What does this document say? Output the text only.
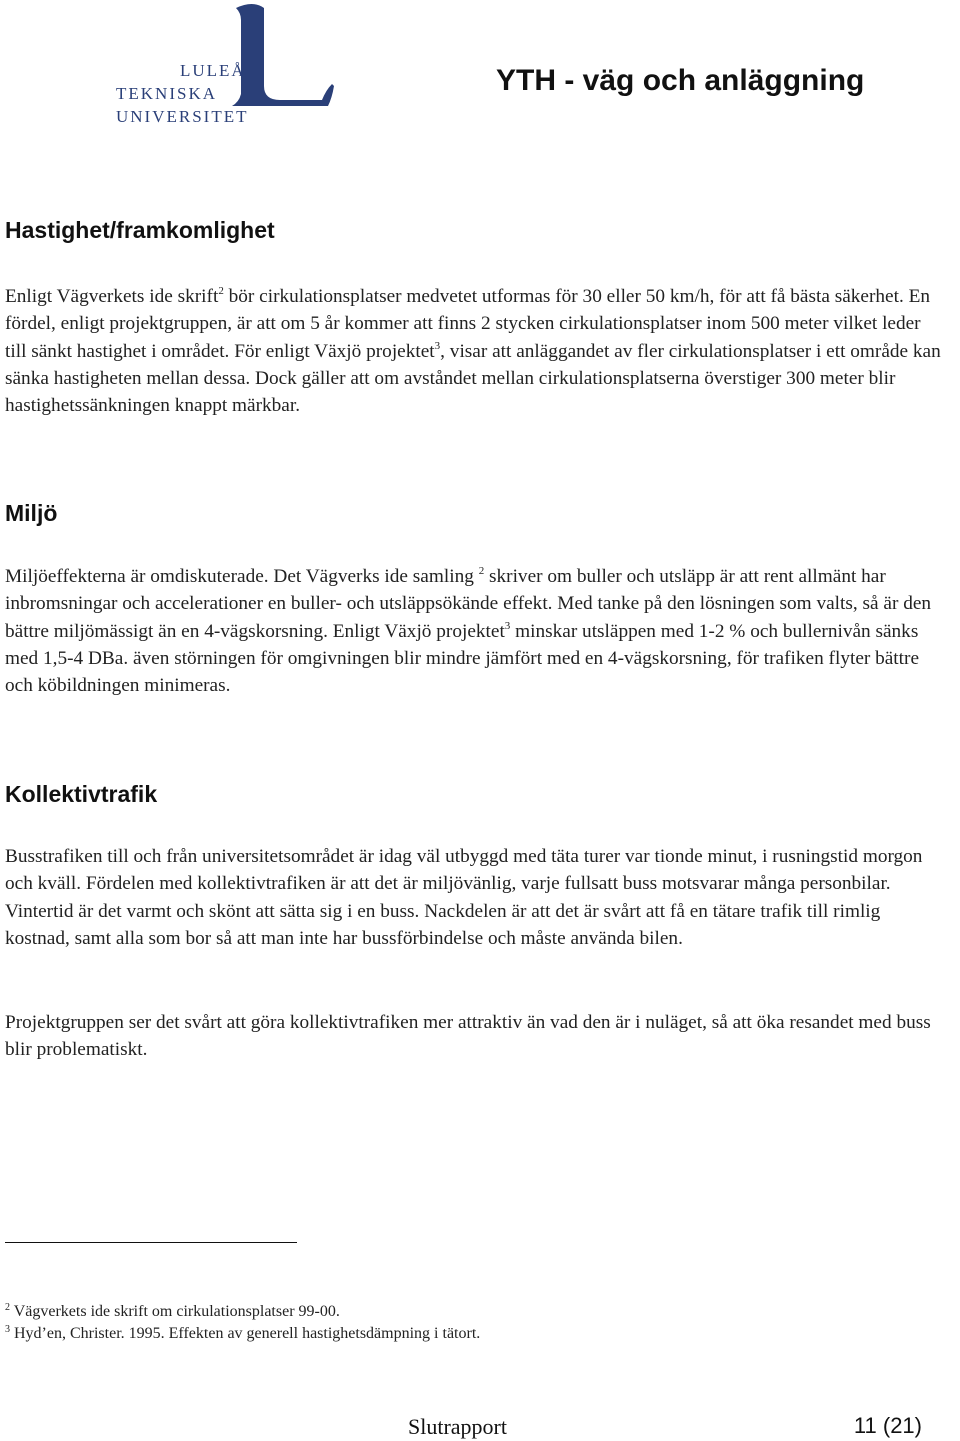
LULEÅ
TEKNISKA
UNIVERSITET
YTH - väg och anläggning
Hastighet/framkomlighet

Enligt Vägverkets ide skrift$^2$ bör cirkulationsplatser medvetet utformas för 30 eller 50 km/h, för att få bästa säkerhet. En fördel, enligt projektgruppen, är att om 5 år kommer att finns 2 stycken cirkulationsplatser inom 500 meter vilket leder till sänkt hastighet i området. För enligt Växjö projektet$^3$, visar att anläggandet av fler cirkulationsplatser i ett område kan sänka hastigheten mellan dessa. Dock gäller att om avståndet mellan cirkulationsplatserna överstiger 300 meter blir hastighetssänkningen knappt märkbar.

Miljö

Miljöeffekterna är omdiskuterade. Det Vägverks ide samling $^2$ skriver om buller och utsläpp är att rent allmänt har inbromsningar och accelerationer en buller- och utsläppsökände effekt. Med tanke på den lösningen som valts, så är den bättre miljömässigt än en 4-vägskorsning. Enligt Växjö projektet$^3$ minskar utsläppen med 1-2 % och bullernivån sänks med 1,5-4 DBa. även störningen för omgivningen blir mindre jämfört med en 4-vägskorsning, för trafiken flyter bättre och köbildningen minimeras.

Kollektivtrafik

Busstrafiken till och från universitetsområdet är idag väl utbyggd med täta turer var tionde minut, i rusningstid morgon och kväll. Fördelen med kollektivtrafiken är att det är miljövänlig, varje fullsatt buss motsvarar många personbilar. Vintertid är det varmt och skönt att sätta sig i en buss. Nackdelen är att det är svårt att få en tätare trafik till rimlig kostnad, samt alla som bor så att man inte har bussförbindelse och måste använda bilen.

Projektgruppen ser det svårt att göra kollektivtrafiken mer attraktiv än vad den är i nuläget, så att öka resandet med buss blir problematiskt.

$^2$ Vägverkets ide skrift om cirkulationsplatser 99-00.
$^3$ Hyd’en, Christer. 1995. Effekten av generell hastighetsdämpning i tätort.
Slutrapport	11 (21)
